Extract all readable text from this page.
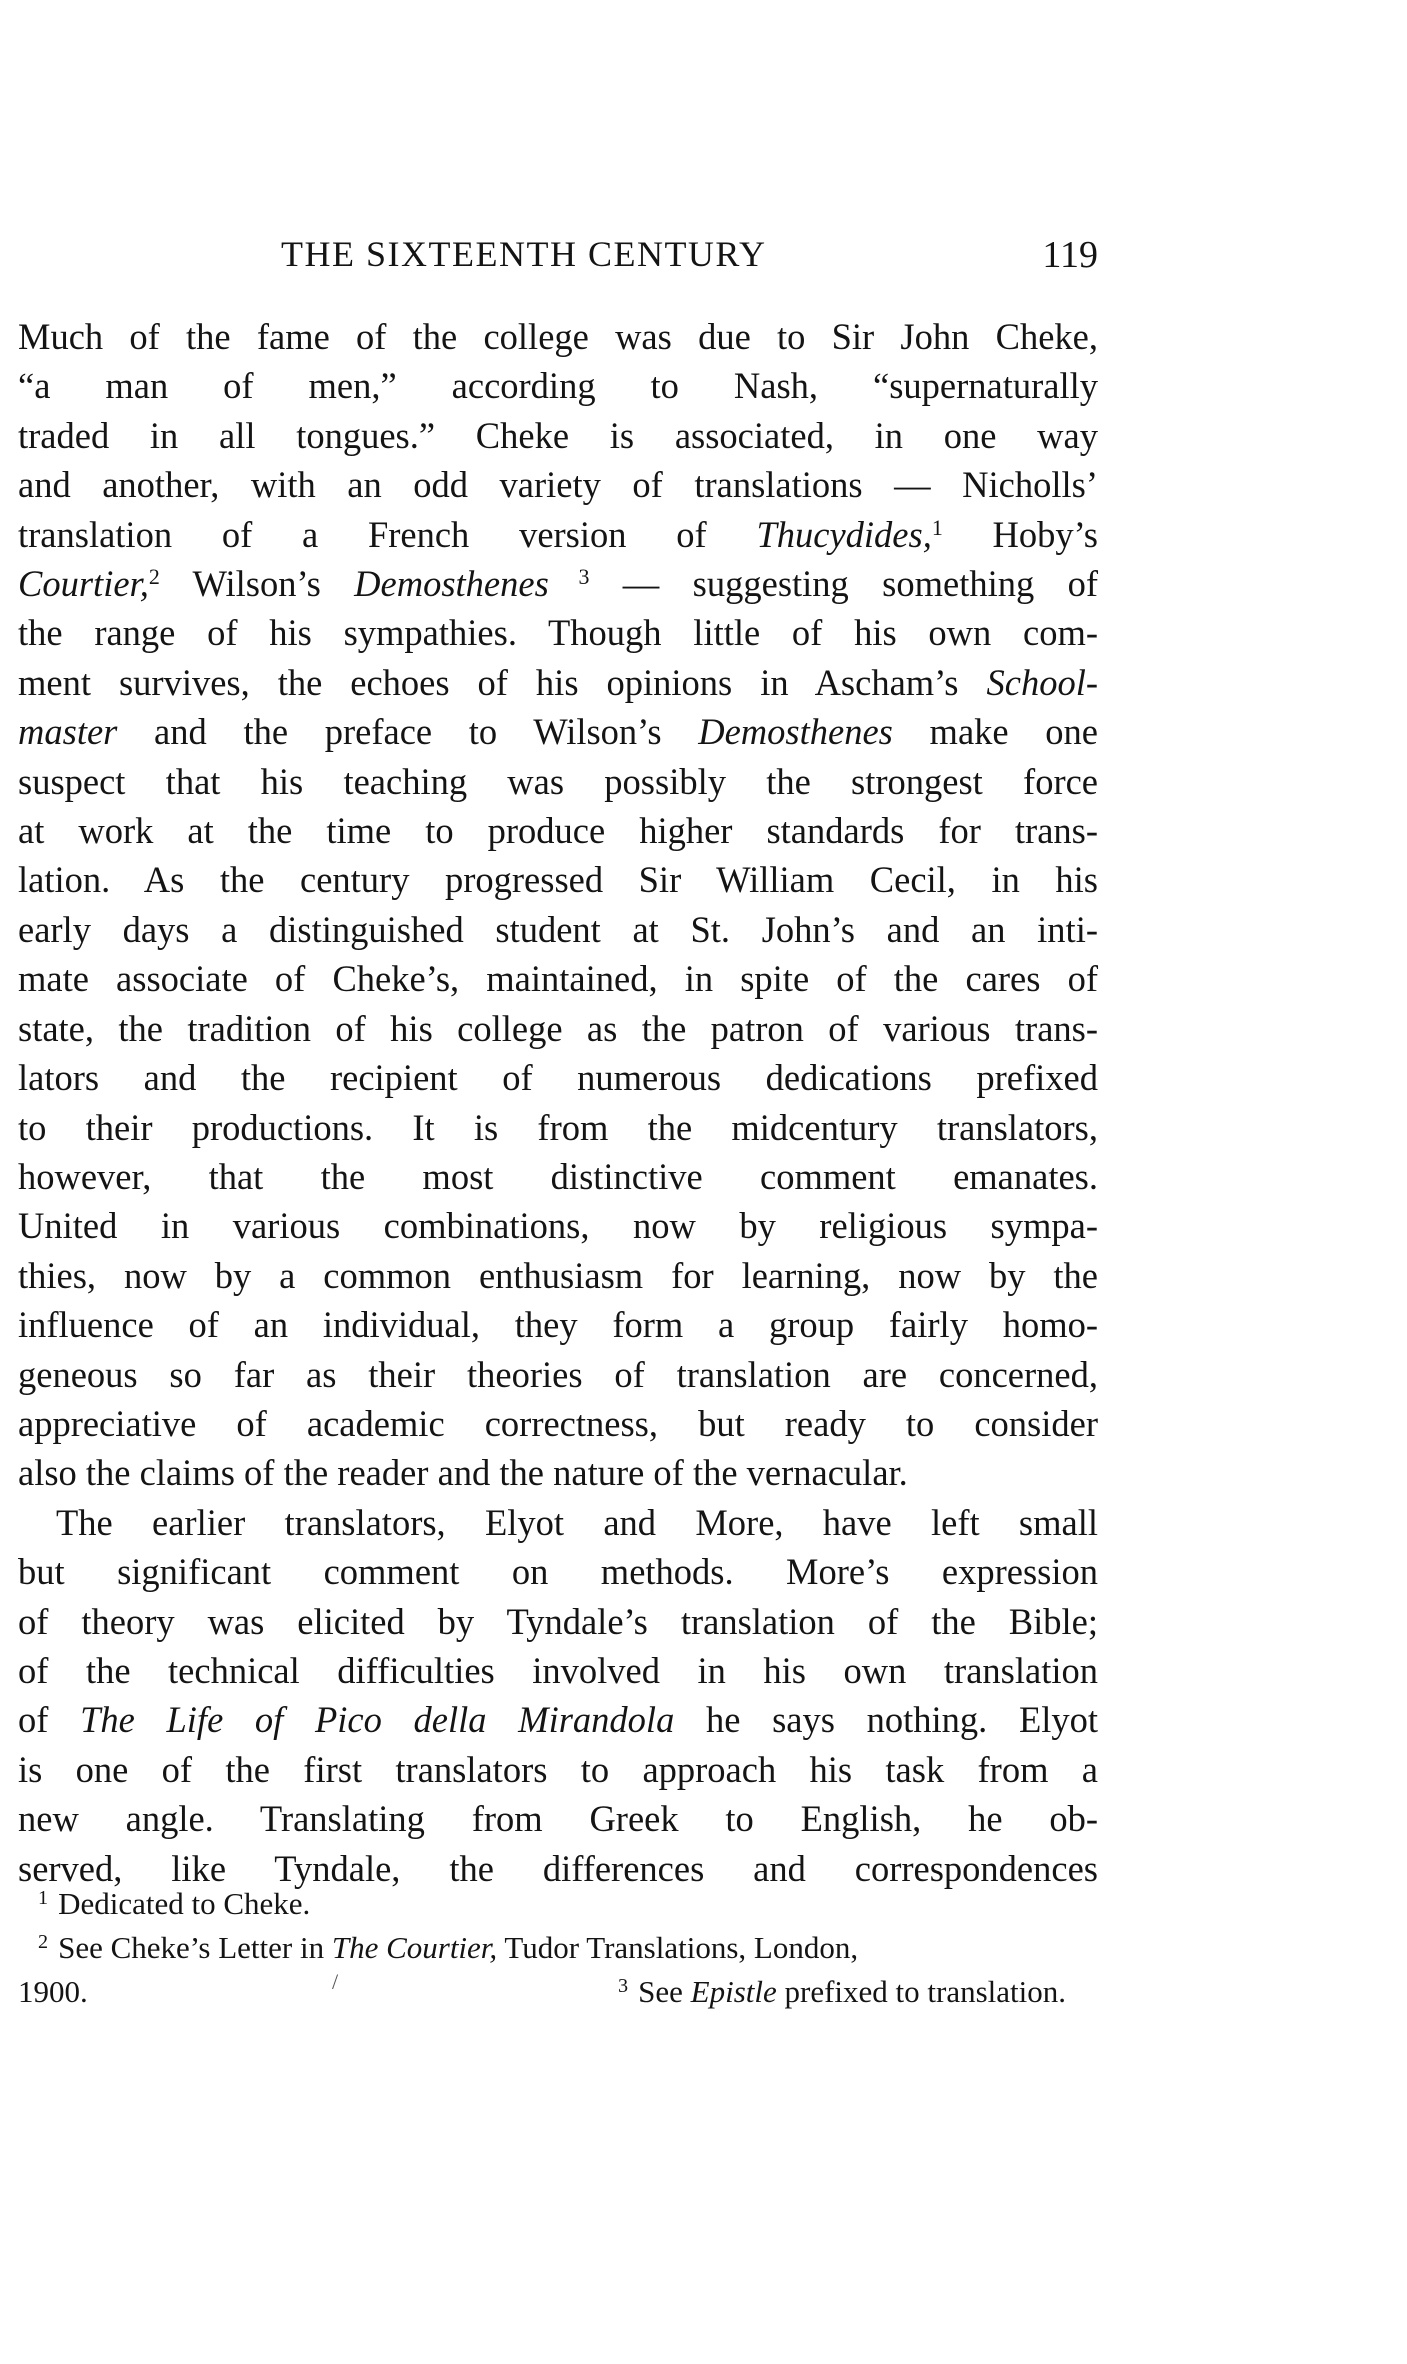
THE SIXTEENTH CENTURY	119
Much of the fame of the college was due to Sir John Cheke,
“a man of men,” according to Nash, “supernaturally
traded in all tongues.” Cheke is associated, in one way
and another, with an odd variety of translations — Nicholls’
translation of a French version of Thucydides,$^1$ Hoby’s
Courtier,$^2$ Wilson’s Demosthenes $^3$ — suggesting something of
the range of his sympathies. Though little of his own com-
ment survives, the echoes of his opinions in Ascham’s School-
master and the preface to Wilson’s Demosthenes make one
suspect that his teaching was possibly the strongest force
at work at the time to produce higher standards for trans-
lation. As the century progressed Sir William Cecil, in his
early days a distinguished student at St. John’s and an inti-
mate associate of Cheke’s, maintained, in spite of the cares of
state, the tradition of his college as the patron of various trans-
lators and the recipient of numerous dedications prefixed
to their productions. It is from the midcentury translators,
however, that the most distinctive comment emanates.
United in various combinations, now by religious sympa-
thies, now by a common enthusiasm for learning, now by the
influence of an individual, they form a group fairly homo-
geneous so far as their theories of translation are concerned,
appreciative of academic correctness, but ready to consider
also the claims of the reader and the nature of the vernacular.
The earlier translators, Elyot and More, have left small
but significant comment on methods. More’s expression
of theory was elicited by Tyndale’s translation of the Bible;
of the technical difficulties involved in his own translation
of The Life of Pico della Mirandola he says nothing. Elyot
is one of the first translators to approach his task from a
new angle. Translating from Greek to English, he ob-
served, like Tyndale, the differences and correspondences
$^1$ Dedicated to Cheke.
$^2$ See Cheke’s Letter in The Courtier, Tudor Translations, London,
1900.	$^3$ See Epistle prefixed to translation.
/
